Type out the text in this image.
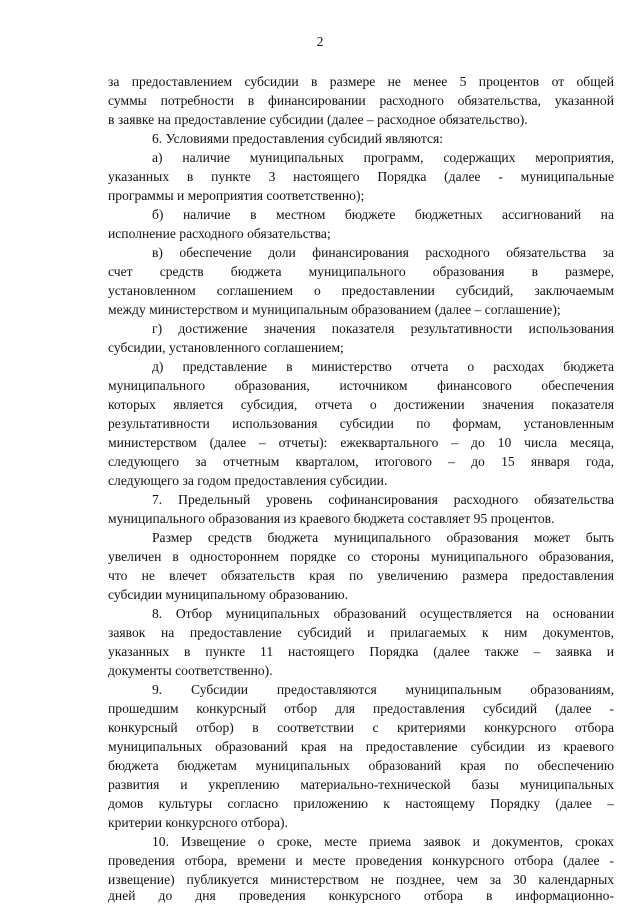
2
за предоставлением субсидии в размере не менее 5 процентов от общей
суммы потребности в финансировании расходного обязательства, указанной
в заявке на предоставление субсидии (далее – расходное обязательство).
6. Условиями предоставления субсидий являются:
а) наличие муниципальных программ, содержащих мероприятия,
указанных в пункте 3 настоящего Порядка (далее - муниципальные
программы и мероприятия соответственно);
б) наличие в местном бюджете бюджетных ассигнований на
исполнение расходного обязательства;
в) обеспечение доли финансирования расходного обязательства за
счет средств бюджета муниципального образования в размере,
установленном соглашением о предоставлении субсидий, заключаемым
между министерством и муниципальным образованием (далее – соглашение);
г) достижение значения показателя результативности использования
субсидии, установленного соглашением;
д) представление в министерство отчета о расходах бюджета
муниципального образования, источником финансового обеспечения
которых является субсидия, отчета о достижении значения показателя
результативности использования субсидии по формам, установленным
министерством (далее – отчеты): ежеквартального – до 10 числа месяца,
следующего за отчетным кварталом, итогового – до 15 января года,
следующего за годом предоставления субсидии.
7. Предельный уровень софинансирования расходного обязательства
муниципального образования из краевого бюджета составляет 95 процентов.
Размер средств бюджета муниципального образования может быть
увеличен в одностороннем порядке со стороны муниципального образования,
что не влечет обязательств края по увеличению размера предоставления
субсидии муниципальному образованию.
8. Отбор муниципальных образований осуществляется на основании
заявок на предоставление субсидий и прилагаемых к ним документов,
указанных в пункте 11 настоящего Порядка (далее также – заявка и
документы соответственно).
9. Субсидии предоставляются муниципальным образованиям,
прошедшим конкурсный отбор для предоставления субсидий (далее -
конкурсный отбор) в соответствии с критериями конкурсного отбора
муниципальных образований края на предоставление субсидии из краевого
бюджета бюджетам муниципальных образований края по обеспечению
развития и укреплению материально-технической базы муниципальных
домов культуры согласно приложению к настоящему Порядку (далее –
критерии конкурсного отбора).
10. Извещение о сроке, месте приема заявок и документов, сроках
проведения отбора, времени и месте проведения конкурсного отбора (далее -
извещение) публикуется министерством не позднее, чем за 30 календарных
дней до дня проведения конкурсного отбора в информационно-
